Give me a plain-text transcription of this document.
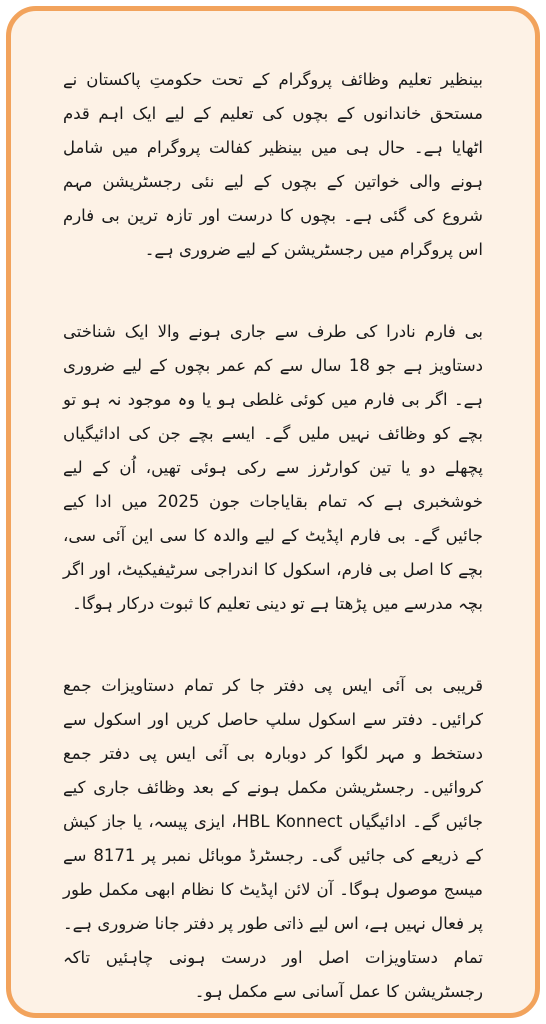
بینظیر تعلیم وظائف پروگرام کے تحت حکومتِ پاکستان نے مستحق خاندانوں کے بچوں کی تعلیم کے لیے ایک اہم قدم اٹھایا ہے۔ حال ہی میں بینظیر کفالت پروگرام میں شامل ہونے والی خواتین کے بچوں کے لیے نئی رجسٹریشن مہم شروع کی گئی ہے۔ بچوں کا درست اور تازہ ترین بی فارم اس پروگرام میں رجسٹریشن کے لیے ضروری ہے۔

بی فارم نادرا کی طرف سے جاری ہونے والا ایک شناختی دستاویز ہے جو 18 سال سے کم عمر بچوں کے لیے ضروری ہے۔ اگر بی فارم میں کوئی غلطی ہو یا وہ موجود نہ ہو تو بچے کو وظائف نہیں ملیں گے۔ ایسے بچے جن کی ادائیگیاں پچھلے دو یا تین کوارٹرز سے رکی ہوئی تھیں، اُن کے لیے خوشخبری ہے کہ تمام بقایاجات جون 2025 میں ادا کیے جائیں گے۔ بی فارم اپڈیٹ کے لیے والدہ کا سی این آئی سی، بچے کا اصل بی فارم، اسکول کا اندراجی سرٹیفیکیٹ، اور اگر بچہ مدرسے میں پڑھتا ہے تو دینی تعلیم کا ثبوت درکار ہوگا۔

قریبی بی آئی ایس پی دفتر جا کر تمام دستاویزات جمع کرائیں۔ دفتر سے اسکول سلپ حاصل کریں اور اسکول سے دستخط و مہر لگوا کر دوبارہ بی آئی ایس پی دفتر جمع کروائیں۔ رجسٹریشن مکمل ہونے کے بعد وظائف جاری کیے جائیں گے۔ ادائیگیاں HBL Konnect، ایزی پیسہ، یا جاز کیش کے ذریعے کی جائیں گی۔ رجسٹرڈ موبائل نمبر پر 8171 سے میسج موصول ہوگا۔ آن لائن اپڈیٹ کا نظام ابھی مکمل طور پر فعال نہیں ہے، اس لیے ذاتی طور پر دفتر جانا ضروری ہے۔ تمام دستاویزات اصل اور درست ہونی چاہئیں تاکہ رجسٹریشن کا عمل آسانی سے مکمل ہو۔
